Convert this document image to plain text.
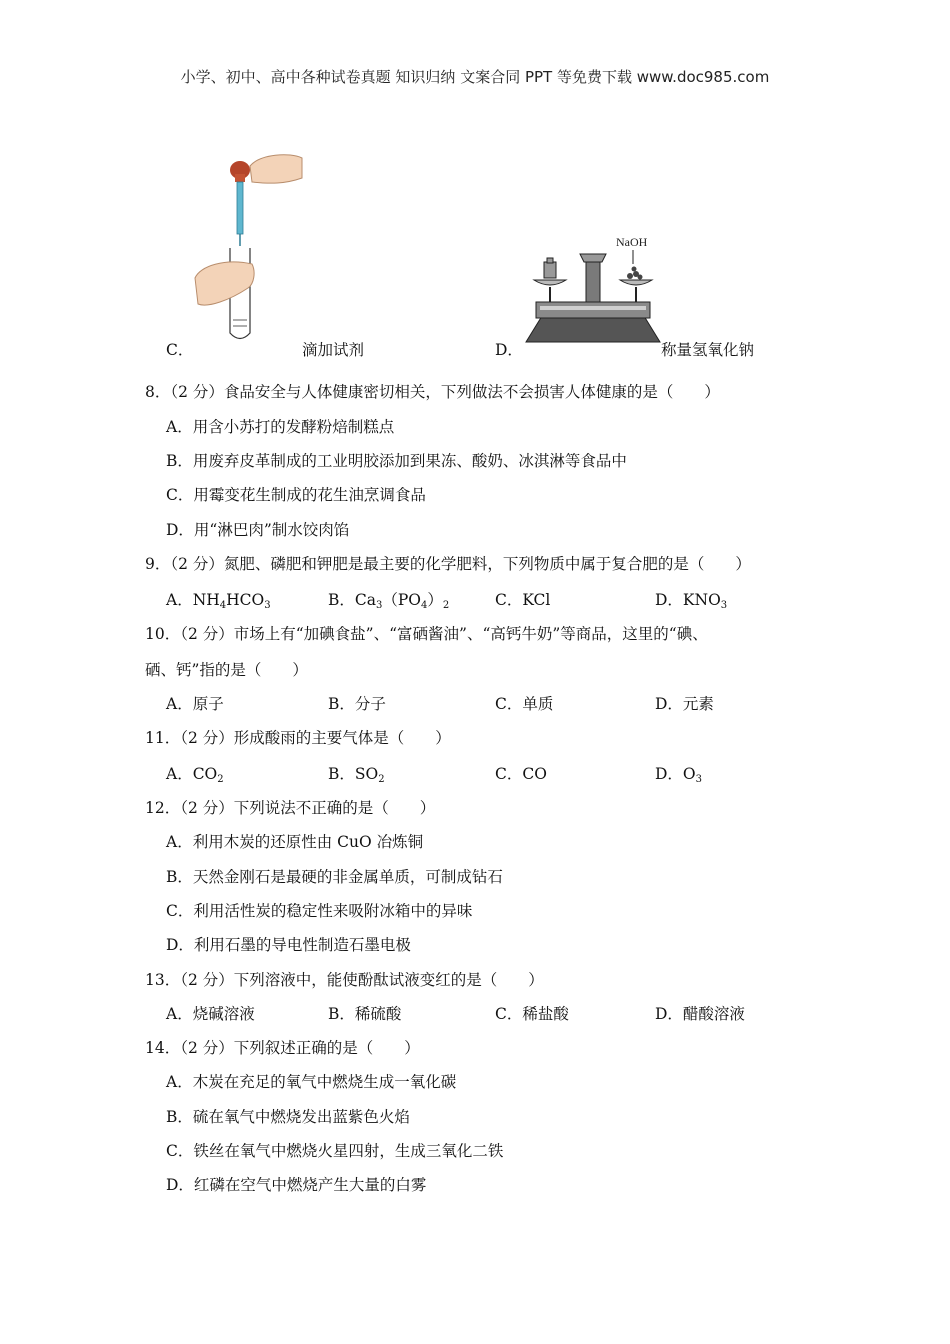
小学、初中、高中各种试卷真题 知识归纳 文案合同 PPT 等免费下载 www.doc985.com
NaOH
C．	滴加试剂	D．	称量氢氧化钠
8．（2 分）食品安全与人体健康密切相关，下列做法不会损害人体健康的是（　　）
A．用含小苏打的发酵粉焙制糕点
B．用废弃皮革制成的工业明胶添加到果冻、酸奶、冰淇淋等食品中
C．用霉变花生制成的花生油烹调食品
D．用“淋巴肉”制水饺肉馅
9．（2 分）氮肥、磷肥和钾肥是最主要的化学肥料，下列物质中属于复合肥的是（　　）
A．$NH_4HCO_3$	B．$Ca_3(PO_4)_2$	C．KCl	D．$KNO_3$
10．（2 分）市场上有“加碘食盐”、“富硒酱油”、“高钙牛奶”等商品，这里的“碘、
硒、钙”指的是（　　）
A．原子	B．分子	C．单质	D．元素
11．（2 分）形成酸雨的主要气体是（　　）
A．$CO_2$	B．$SO_2$	C．CO	D．$O_3$
12．（2 分）下列说法不正确的是（　　）
A．利用木炭的还原性由 CuO 冶炼铜
B．天然金刚石是最硬的非金属单质，可制成钻石
C．利用活性炭的稳定性来吸附冰箱中的异味
D．利用石墨的导电性制造石墨电极
13．（2 分）下列溶液中，能使酚酞试液变红的是（　　）
A．烧碱溶液	B．稀硫酸	C．稀盐酸	D．醋酸溶液
14．（2 分）下列叙述正确的是（　　）
A．木炭在充足的氧气中燃烧生成一氧化碳
B．硫在氧气中燃烧发出蓝紫色火焰
C．铁丝在氧气中燃烧火星四射，生成三氧化二铁
D．红磷在空气中燃烧产生大量的白雾
